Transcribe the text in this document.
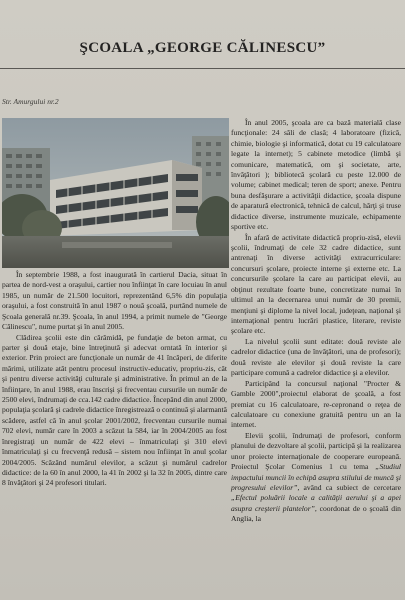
ŞCOALA „GEORGE CĂLINESCU”
Str. Amurgului nr.2

În septembrie 1988, a fost inaugurată în cartierul Dacia, situat în partea de nord-vest a oraşului, cartier nou înfiinţat în care locuiau în anul 1985, un număr de 21.500 locuitori, reprezentând 6,5% din populaţia oraşului, a fost construită în anul 1987 o nouă şcoală, purtând numele de Şcoala generală nr.39. Şcoala, în anul 1994, a primit numele de "George Călinescu", nume purtat şi în anul 2005.

Clădirea şcolii este din cărămidă, pe fundaţie de beton armat, cu parter şi două etaje, bine întreţinută şi adecvat orntată în interior şi exterior. Prin proiect are funcţionale un număr de 41 încăperi, de diferite mărimi, utilizate atât pentru procesul instructiv-educativ, propriu-zis, cât şi pentru diverse activităţi culturale şi administrative. În primul an de la înfiinţare, în anul 1988, erau înscrişi şi frecventau cursurile un număr de 2500 elevi, îndrumaţi de cca.142 cadre didactice. Începând din anul 2000, populaţia şcolară şi cadrele didactice înregistrează o continuă şi alarmantă scădere, astfel că în anul şcolar 2001/2002, frecventau cursurile numai 702 elevi, număr care în 2003 a scăzut la 584, iar în 2004/2005 au fost înregistraţi un număr de 422 elevi – înmatriculaţi şi 310 elevi înmatriculaţi şi cu frecvenţă redusă – sistem nou înfiinţat în anul şcolar 2004/2005. Scăzând numărul elevilor, a scăzut şi numărul cadrelor didactice: de la 60 în anul 2000, la 41 în 2002 şi la 32 în 2005, dintre care 8 învăţători şi 24 profesori titulari.

În anul 2005, şcoala are ca bază materială clase funcţionale: 24 săli de clasă; 4 laboratoare (fizică, chimie, biologie şi informatică, dotat cu 19 calculatoare legate la internet); 5 cabinete metodice (limbă şi comunicare, matematică, om şi societate, arte, învăţători ); bibliotecă şcolară cu peste 12.000 de volume; cabinet medical; teren de sport; anexe. Pentru buna desfăşurare a activităţii didactice, şcoala dispune de aparatură electronică, tehnică de calcul, hărţi şi truse didactice diverse, instrumente muzicale, echipamente sportive etc.

În afară de activitate didactică propriu-zisă, elevii şcolii, îndrumaţi de cele 32 cadre didactice, sunt antrenaţi în diverse activităţi extracurriculare: concursuri şcolare, proiecte interne şi externe etc. La concursurile şcolare la care au participat elevii, au obţinut rezultate foarte bune, concretizate numai în ultimul an la decernarea unui număr de 30 premii, menţiuni şi diplome la nivel local, judeţean, naţional şi internaţional pentru lucrări plastice, literare, reviste şcolare etc.

La nivelul şcolii sunt editate: două reviste ale cadrelor didactice (una de învăţători, una de profesori); două reviste ale elevilor şi două reviste la care participare comună a cadrelor didactice şi a elevilor.

Participând la concursul naţional "Procter & Gamble 2000",proiectul elaborat de şcoală, a fost premiat cu 16 calculatoare, re-cepronand o reţea de calculatoare cu conexiune gratuită pentru un an la internet.

Elevii şcolii, îndrumaţi de profesori, conform planului de dezvoltare al şcolii, participă şi la realizarea unor proiecte internaţionale de cooperare europeană. Proiectul Şcolar Comenius 1 cu tema „Studiul impactului muncii în echipă asupra stilului de muncă şi progresului elevilor”, având ca subiect de cercetare „Efectul poluării locale a calităţii aerului şi a apei asupra creşterii plantelor”, coordonat de o şcoală din Anglia, la
